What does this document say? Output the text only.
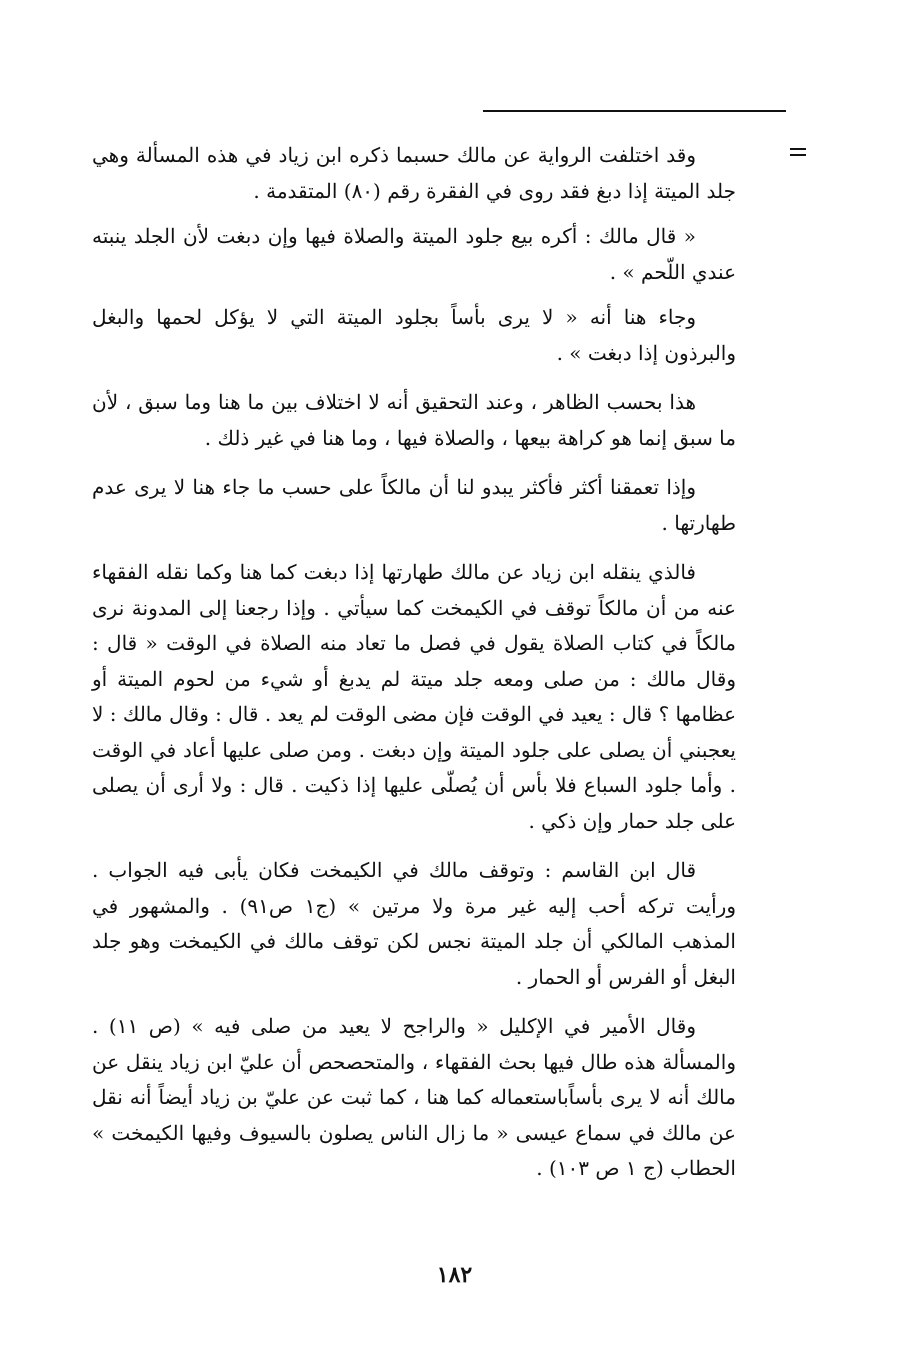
وقد اختلفت الرواية عن مالك حسبما ذكره ابن زياد في هذه المسألة وهي جلد الميتة إذا دبغ فقد روى في الفقرة رقم (٨٠) المتقدمة .

« قال مالك : أكره بيع جلود الميتة والصلاة فيها وإن دبغت لأن الجلد ينبته عندي اللّحم » .

وجاء هنا أنه « لا يرى بأساً بجلود الميتة التي لا يؤكل لحمها والبغل والبرذون إذا دبغت » .

هذا بحسب الظاهر ، وعند التحقيق أنه لا اختلاف بين ما هنا وما سبق ، لأن ما سبق إنما هو كراهة بيعها ، والصلاة فيها ، وما هنا في غير ذلك .

وإذا تعمقنا أكثر فأكثر يبدو لنا أن مالكاً على حسب ما جاء هنا لا يرى عدم طهارتها .

فالذي ينقله ابن زياد عن مالك طهارتها إذا دبغت كما هنا وكما نقله الفقهاء عنه من أن مالكاً توقف في الكيمخت كما سيأتي . وإذا رجعنا إلى المدونة نرى مالكاً في كتاب الصلاة يقول في فصل ما تعاد منه الصلاة في الوقت « قال : وقال مالك : من صلى ومعه جلد ميتة لم يدبغ أو شيء من لحوم الميتة أو عظامها ؟ قال : يعيد في الوقت فإن مضى الوقت لم يعد . قال : وقال مالك : لا يعجبني أن يصلى على جلود الميتة وإن دبغت . ومن صلى عليها أعاد في الوقت . وأما جلود السباع فلا بأس أن يُصلّى عليها إذا ذكيت . قال : ولا أرى أن يصلى على جلد حمار وإن ذكي .

قال ابن القاسم : وتوقف مالك في الكيمخت فكان يأبى فيه الجواب . ورأيت تركه أحب إليه غير مرة ولا مرتين » (ج١ ص٩١) . والمشهور في المذهب المالكي أن جلد الميتة نجس لكن توقف مالك في الكيمخت وهو جلد البغل أو الفرس أو الحمار .

وقال الأمير في الإكليل « والراجح لا يعيد من صلى فيه » (ص ١١) . والمسألة هذه طال فيها بحث الفقهاء ، والمتحصحص أن عليّ ابن زياد ينقل عن مالك أنه لا يرى بأساًباستعماله كما هنا ، كما ثبت عن عليّ بن زياد أيضاً أنه نقل عن مالك في سماع عيسى « ما زال الناس يصلون بالسيوف وفيها الكيمخت » الحطاب (ج ١ ص ١٠٣) .

١٨٢
